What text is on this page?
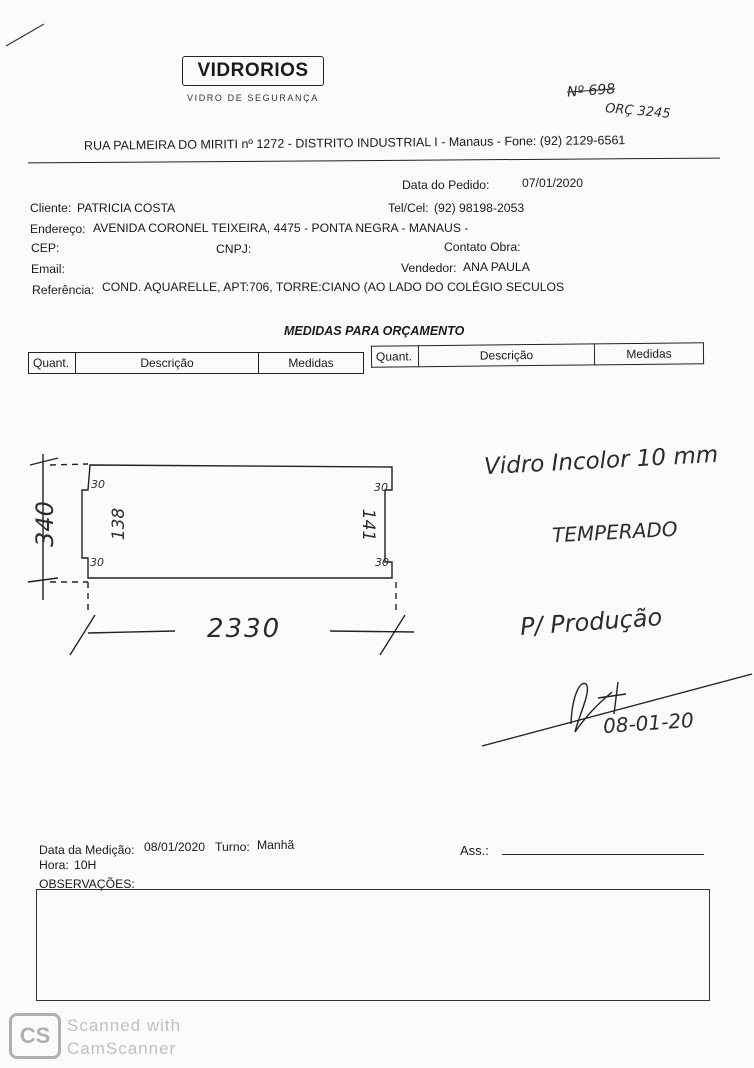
VIDRORIOS
VIDRO DE SEGURANÇA	Nº 698
ORÇ 3245
RUA PALMEIRA DO MIRITI nº 1272 - DISTRITO INDUSTRIAL I - Manaus - Fone: (92) 2129-6561
Data do Pedido:	07/01/2020
Cliente: PATRICIA COSTA	Tel/Cel: (92) 98198-2053
Endereço: AVENIDA CORONEL TEIXEIRA, 4475 - PONTA NEGRA - MANAUS -
CEP:	CNPJ:	Contato Obra:
Email:	Vendedor: ANA PAULA
Referência: COND. AQUARELLE, APT:706, TORRE:CIANO (AO LADO DO COLÉGIO SECULOS
MEDIDAS PARA ORÇAMENTO
Quant.	Descrição	Medidas	Quant.	Descrição	Medidas
340	138	141
30
30
30
30
2330
Vidro Incolor 10 mm
TEMPERADO
P/ Produção
08-01-20
Data da Medição: 08/01/2020 Turno: Manhã
Hora: 10H
Ass.:
OBSERVAÇÕES:
CS Scanned with
CamScanner
